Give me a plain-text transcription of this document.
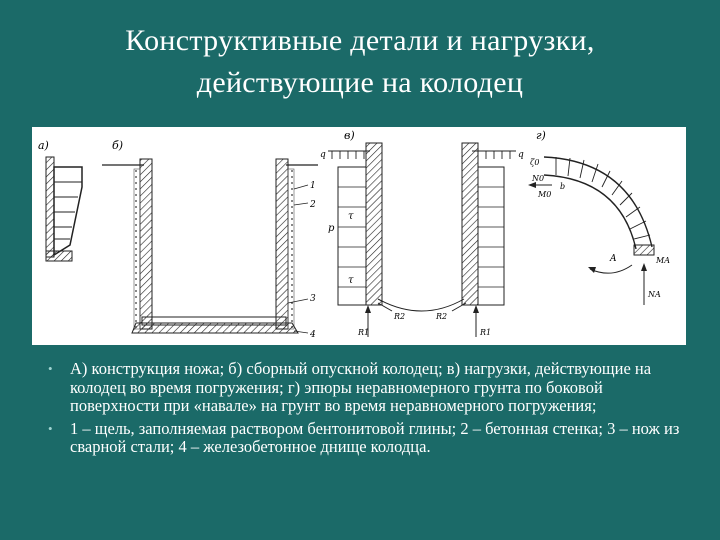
Конструктивные детали и нагрузки, действующие на колодец
а)	б)
1
2
3
4
в)
q	q
p
τ
τ
R1
R2	R2
R1
г)
ζ0
N0
M0
b
A	MA
NA
• А) конструкция ножа; б) сборный опускной колодец; в) нагрузки, действующие на колодец во время погружения; г) эпюры неравномерного грунта по боковой поверхности при «навале» на грунт во время неравномерного погружения;
• 1 – щель, заполняемая раствором бентонитовой глины; 2 – бетонная стенка; 3 – нож из сварной стали; 4 – железобетонное днище колодца.
